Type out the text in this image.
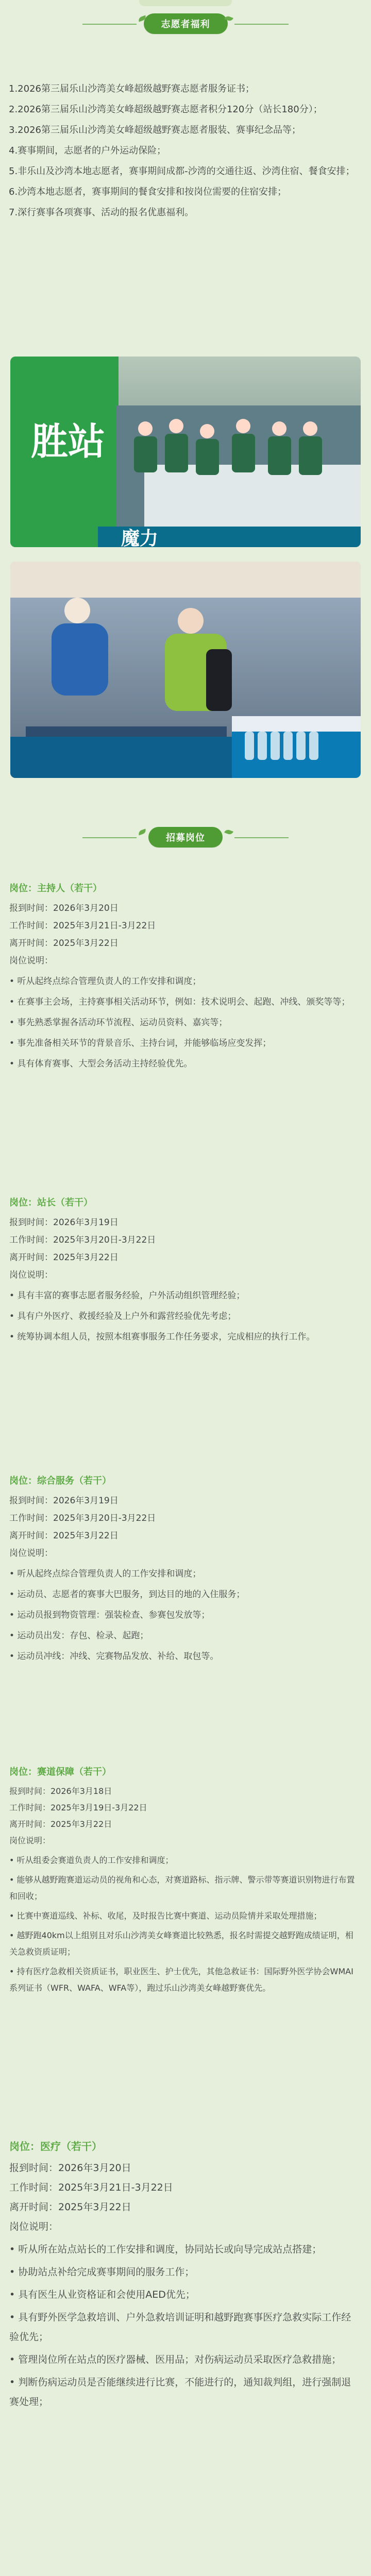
志愿者福利

1.2026第三届乐山沙湾美女峰超级越野赛志愿者服务证书；

2.2026第三届乐山沙湾美女峰超级越野赛志愿者积分120分（站长180分）；

3.2026第三届乐山沙湾美女峰超级越野赛志愿者服装、赛事纪念品等；

4.赛事期间，志愿者的户外运动保险；

5.非乐山及沙湾本地志愿者，赛事期间成都-沙湾的交通往返、沙湾住宿、餐食安排；

6.沙湾本地志愿者，赛事期间的餐食安排和按岗位需要的住宿安排；

7.深行赛事各项赛事、活动的报名优惠福利。

胜站
魔力
招募岗位
岗位：主持人（若干）
报到时间：2026年3月20日
工作时间：2025年3月21日-3月22日
离开时间：2025年3月22日
岗位说明：
• 听从起终点综合管理负责人的工作安排和调度；
• 在赛事主会场，主持赛事相关活动环节，例如：技术说明会、起跑、冲线、颁奖等等；
• 事先熟悉掌握各活动环节流程、运动员资料、嘉宾等；
• 事先准备相关环节的背景音乐、主持台词，并能够临场应变发挥；
• 具有体育赛事、大型会务活动主持经验优先。
岗位：站长（若干）
报到时间：2026年3月19日
工作时间：2025年3月20日-3月22日
离开时间：2025年3月22日
岗位说明：
• 具有丰富的赛事志愿者服务经验，户外活动组织管理经验；
• 具有户外医疗、救援经验及上户外和露营经验优先考虑；
• 统筹协调本组人员，按照本组赛事服务工作任务要求，完成相应的执行工作。
岗位：综合服务（若干）
报到时间：2026年3月19日
工作时间：2025年3月20日-3月22日
离开时间：2025年3月22日
岗位说明：
• 听从起终点综合管理负责人的工作安排和调度；
• 运动员、志愿者的赛事大巴服务，到达目的地的入住服务；
• 运动员报到物资管理：强装检查、参赛包发放等；
• 运动员出发：存包、检录、起跑；
• 运动员冲线：冲线、完赛物品发放、补给、取包等。
岗位：赛道保障（若干）
报到时间：2026年3月18日
工作时间：2025年3月19日-3月22日
离开时间：2025年3月22日
岗位说明：
• 听从组委会赛道负责人的工作安排和调度；
• 能够从越野跑赛道运动员的视角和心态，对赛道路标、指示牌、警示带等赛道识别物进行布置和回收；
• 比赛中赛道巡线、补标、收尾，及时报告比赛中赛道、运动员险情并采取处理措施；
• 越野跑40km以上组别且对乐山沙湾美女峰赛道比较熟悉，报名时需提交越野跑成绩证明，相关急救资质证明；
• 持有医疗急救相关资质证书，职业医生、护士优先，其他急救证书：国际野外医学协会WMAI系列证书（WFR、WAFA、WFA等），跑过乐山沙湾美女峰越野赛优先。
岗位：医疗（若干）
报到时间：2026年3月20日
工作时间：2025年3月21日-3月22日
离开时间：2025年3月22日
岗位说明：
• 听从所在站点站长的工作安排和调度，协同站长或向导完成站点搭建；
• 协助站点补给完成赛事期间的服务工作；
• 具有医生从业资格证和会使用AED优先；
• 具有野外医学急救培训、户外急救培训证明和越野跑赛事医疗急救实际工作经验优先；
• 管理岗位所在站点的医疗器械、医用品；对伤病运动员采取医疗急救措施；
• 判断伤病运动员是否能继续进行比赛，不能进行的，通知裁判组，进行强制退赛处理；
